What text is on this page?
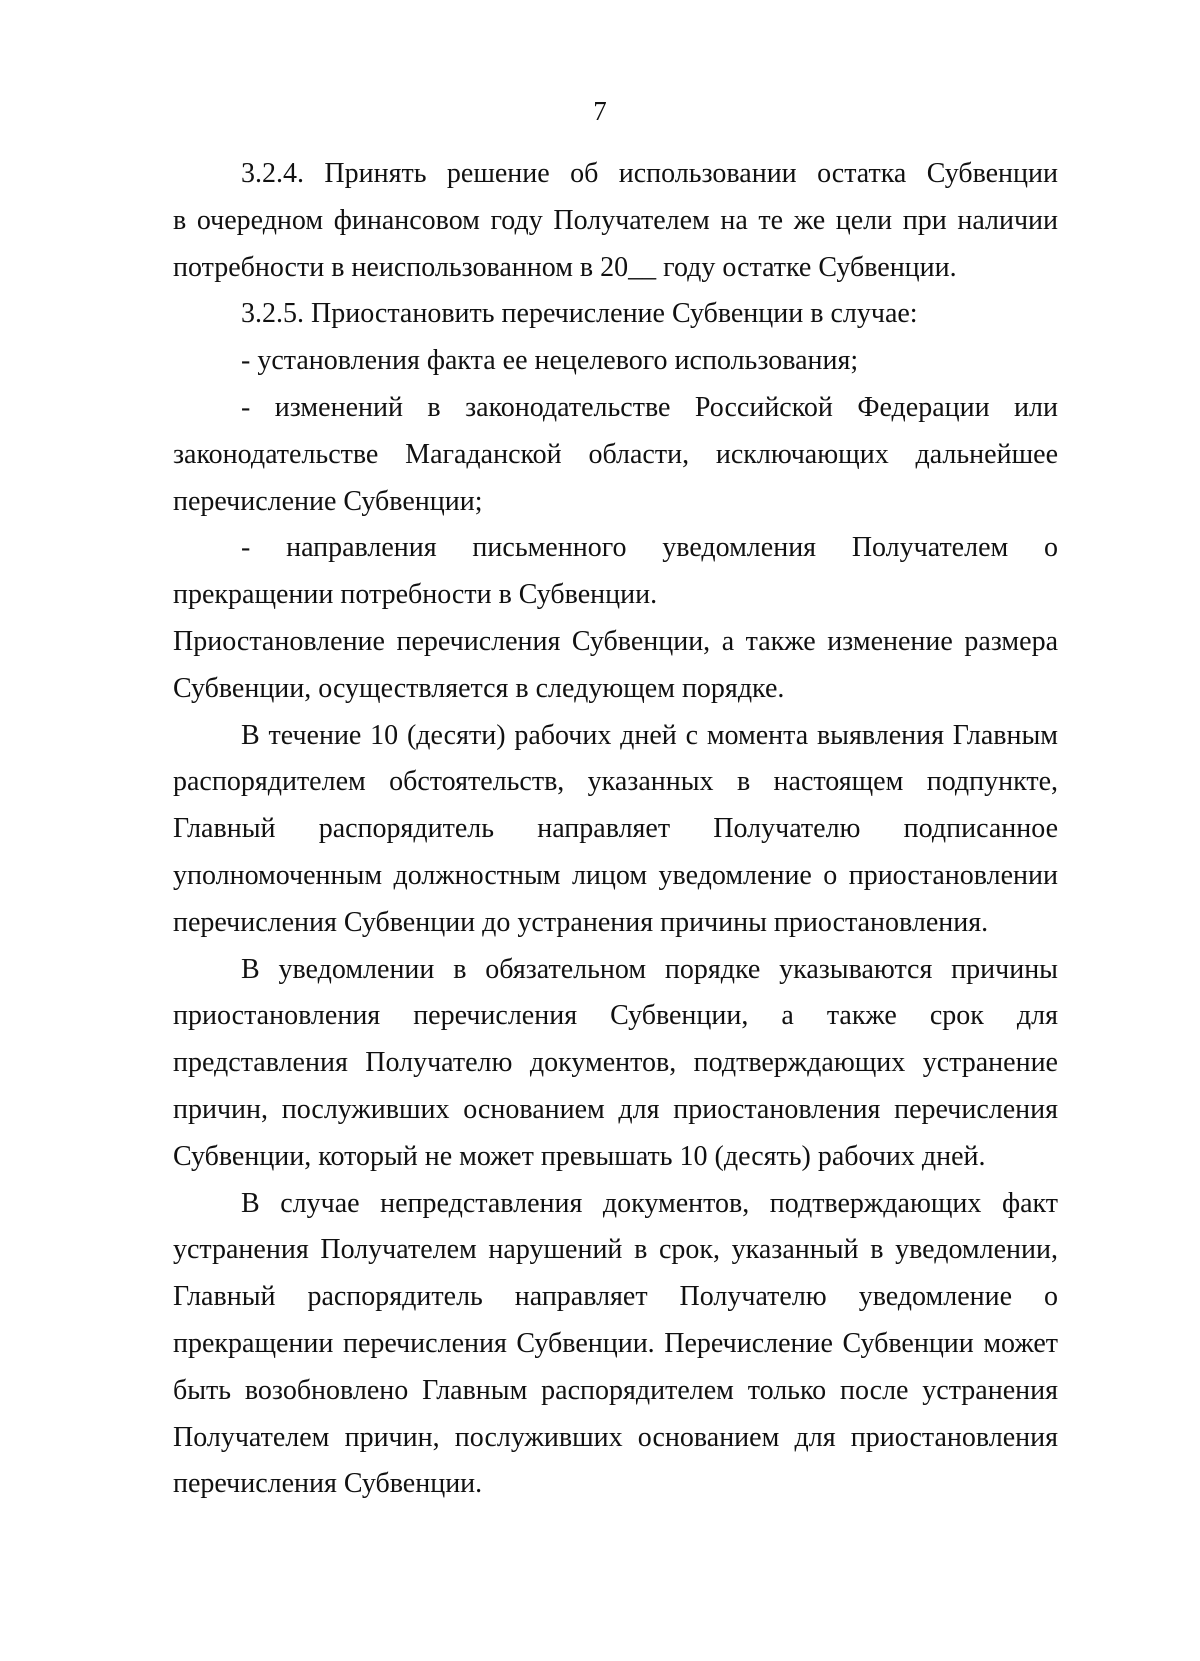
7
3.2.4. Принять решение об использовании остатка Субвенции
в очередном финансовом году Получателем на те же цели при наличии
потребности в неиспользованном в 20__ году остатке Субвенции.
3.2.5. Приостановить перечисление Субвенции в случае:
- установления факта ее нецелевого использования;
- изменений в законодательстве Российской Федерации или
законодательстве Магаданской области, исключающих дальнейшее
перечисление Субвенции;
- направления письменного уведомления Получателем о
прекращении потребности в Субвенции.
Приостановление перечисления Субвенции, а также изменение размера
Субвенции, осуществляется в следующем порядке.
В течение 10 (десяти) рабочих дней с момента выявления Главным
распорядителем обстоятельств, указанных в настоящем подпункте,
Главный распорядитель направляет Получателю подписанное
уполномоченным должностным лицом уведомление о приостановлении
перечисления Субвенции до устранения причины приостановления.
В уведомлении в обязательном порядке указываются причины
приостановления перечисления Субвенции, а также срок для
представления Получателю документов, подтверждающих устранение
причин, послуживших основанием для приостановления перечисления
Субвенции, который не может превышать 10 (десять) рабочих дней.
В случае непредставления документов, подтверждающих факт
устранения Получателем нарушений в срок, указанный в уведомлении,
Главный распорядитель направляет Получателю уведомление о
прекращении перечисления Субвенции. Перечисление Субвенции может
быть возобновлено Главным распорядителем только после устранения
Получателем причин, послуживших основанием для приостановления
перечисления Субвенции.
